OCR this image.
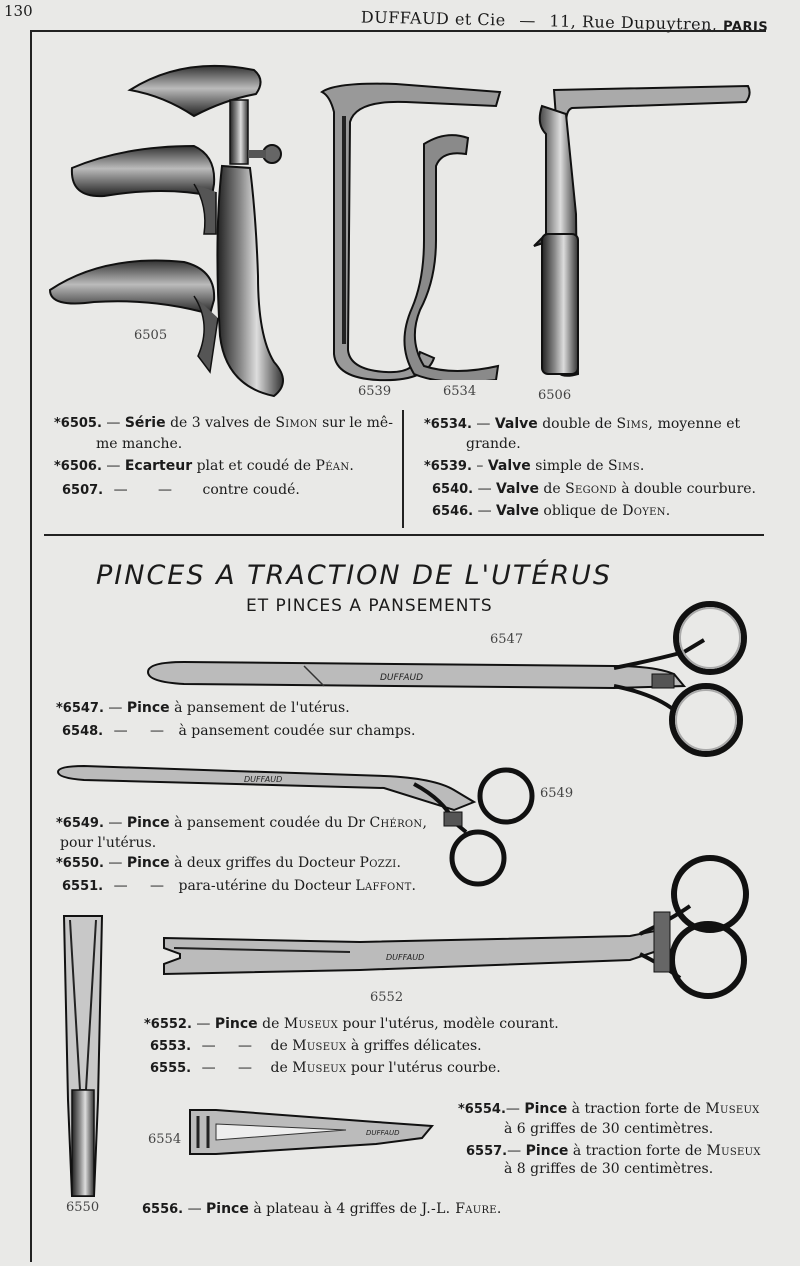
130	DUFFAUD et Cie — 11, Rue Dupuytren, PARIS
6505
6539	6534	6506
*6505. — Série de 3 valves de Simon sur le mê-
me manche.
*6506. — Ecarteur plat et coudé de Péan.
6507. — — contre coudé.
*6534. — Valve double de Sims, moyenne et
grande.
*6539. – Valve simple de Sims.
6540. — Valve de Segond à double courbure.
6546. — Valve oblique de Doyen.
PINCES A TRACTION DE L'UTÉRUS
ET PINCES A PANSEMENTS
DUFFAUD
6547
DUFFAUD
6549
DUFFAUD
6552
6550
DUFFAUD
6554
*6547. — Pince à pansement de l'utérus.
6548. — — à pansement coudée sur champs.
*6549. — Pince à pansement coudée du Dr Chéron,
pour l'utérus.
*6550. — Pince à deux griffes du Docteur Pozzi.
6551. — — para-utérine du Docteur Laffont.
*6552. — Pince de Museux pour l'utérus, modèle courant.
6553. — — de Museux à griffes délicates.
6555. — — de Museux pour l'utérus courbe.
*6554.— Pince à traction forte de Museux
à 6 griffes de 30 centimètres.
6557.— Pince à traction forte de Museux
à 8 griffes de 30 centimètres.
6556. — Pince à plateau à 4 griffes de J.-L. Faure.
